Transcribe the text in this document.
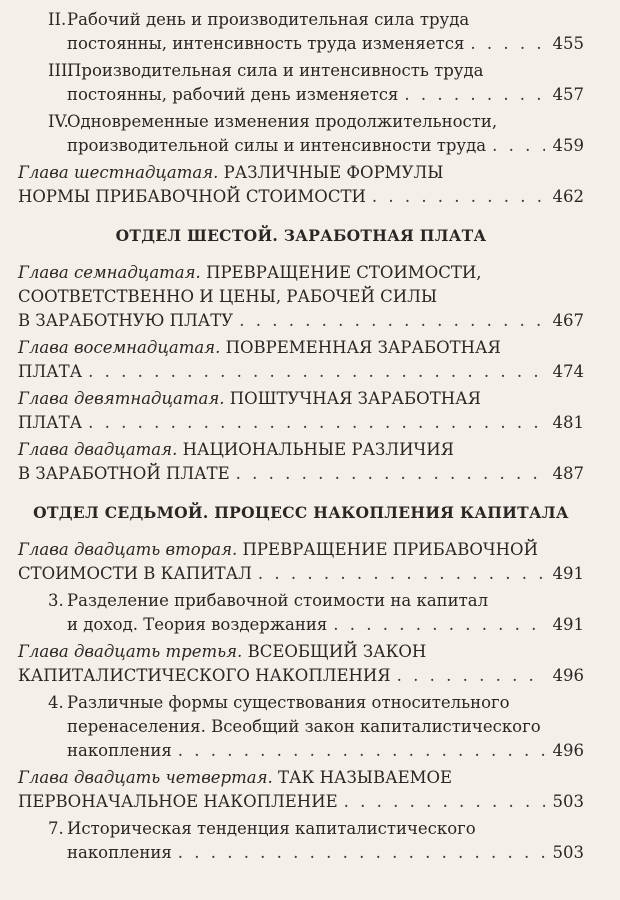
II.Рабочий день и производительная сила труда
постоянны, интенсивность труда изменяется . . .	455
III.Производительная сила и интенсивность труда
постоянны, рабочий день изменяется . . .	457
IV.Одновременные изменения продолжительности,
производительной силы и интенсивности труда . . .	459
Глава шестнадцатая. РАЗЛИЧНЫЕ ФОРМУЛЫ
НОРМЫ ПРИБАВОЧНОЙ СТОИМОСТИ . . .	462
ОТДЕЛ ШЕСТОЙ. ЗАРАБОТНАЯ ПЛАТА
Глава семнадцатая. ПРЕВРАЩЕНИЕ СТОИМОСТИ,
СООТВЕТСТВЕННО И ЦЕНЫ, РАБОЧЕЙ СИЛЫ
В ЗАРАБОТНУЮ ПЛАТУ . . .	467
Глава восемнадцатая. ПОВРЕМЕННАЯ ЗАРАБОТНАЯ
ПЛАТА . . .	474
Глава девятнадцатая. ПОШТУЧНАЯ ЗАРАБОТНАЯ
ПЛАТА . . .	481
Глава двадцатая. НАЦИОНАЛЬНЫЕ РАЗЛИЧИЯ
В ЗАРАБОТНОЙ ПЛАТЕ . . .	487
ОТДЕЛ СЕДЬМОЙ. ПРОЦЕСС НАКОПЛЕНИЯ КАПИТАЛА
Глава двадцать вторая. ПРЕВРАЩЕНИЕ ПРИБАВОЧНОЙ
СТОИМОСТИ В КАПИТАЛ . . .	491
3. Разделение прибавочной стоимости на капитал
и доход. Теория воздержания . . .	491
Глава двадцать третья. ВСЕОБЩИЙ ЗАКОН
КАПИТАЛИСТИЧЕСКОГО НАКОПЛЕНИЯ . . .	496
4. Различные формы существования относительного
перенаселения. Всеобщий закон капиталистического
накопления . . .	496
Глава двадцать четвертая. ТАК НАЗЫВАЕМОЕ
ПЕРВОНАЧАЛЬНОЕ НАКОПЛЕНИЕ . . .	503
7. Историческая тенденция капиталистического
накопления . . .	503
